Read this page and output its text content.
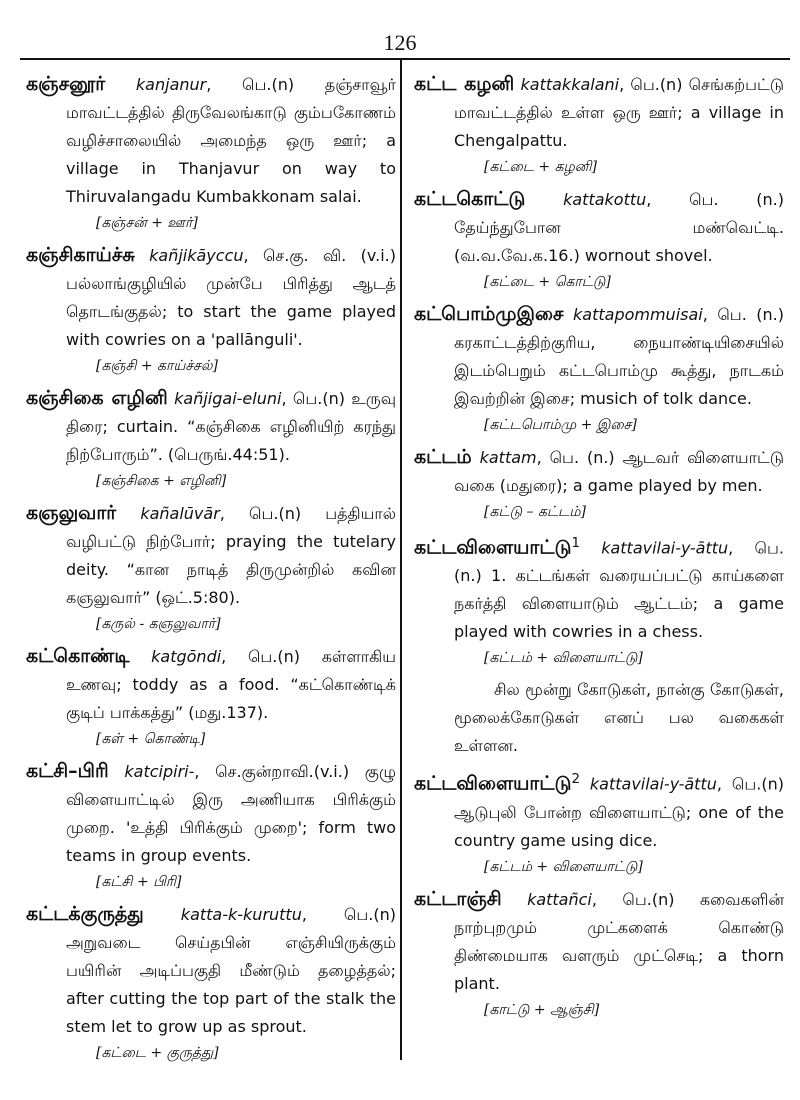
126

கஞ்சனூர் kanjanur, பெ.(n) தஞ்சாவூர் மாவட்டத்தில் திருவேலங்காடு கும்பகோணம் வழிச்சாலையில் அமைந்த ஒரு ஊர்; a village in Thanjavur on way to Thiruvalangadu Kumbakkonam salai.

[கஞ்சன் + ஊர்]

கஞ்சிகாய்ச்சு kañjikāyccu, செ.கு. வி. (v.i.) பல்லாங்குழியில் முன்பே பிரித்து ஆடத் தொடங்குதல்; to start the game played with cowries on a 'pallānguli'.

[கஞ்சி + காய்ச்சல்]

கஞ்சிகை எழினி kañjigai-eluni, பெ.(n) உருவு திரை; curtain. “கஞ்சிகை எழினியிற் கரந்து நிற்போரும்”. (பெருங்.44:51).

[கஞ்சிகை + எழினி]

கஞலுவார் kañalūvār, பெ.(n) பத்தியால் வழிபட்டு நிற்போர்; praying the tutelary deity. “கான நாடித் திருமுன்றில் கவின கஞலுவார்” (ஒட்.5:80).

[கருல் - கஞலுவார்]

கட்கொண்டி katgōndi, பெ.(n) கள்ளாகிய உணவு; toddy as a food. “கட்கொண்டிக் குடிப் பாக்கத்து” (மது.137).

[கள் + கொண்டி]

கட்சி–பிரி katcipiri-, செ.குன்றாவி.(v.i.) குழு விளையாட்டில் இரு அணியாக பிரிக்கும் முறை. 'உத்தி பிரிக்கும் முறை'; form two teams in group events.

[கட்சி + பிரி]

கட்டக்குருத்து katta-k-kuruttu, பெ.(n) அறுவடை செய்தபின் எஞ்சியிருக்கும் பயிரின் அடிப்பகுதி மீண்டும் தழைத்தல்; after cutting the top part of the stalk the stem let to grow up as sprout.

[கட்டை + குருத்து]

கட்ட கழனி kattakkalani, பெ.(n) செங்கற்பட்டு மாவட்டத்தில் உள்ள ஒரு ஊர்; a village in Chengalpattu.

[கட்டை + கழனி]

கட்டகொட்டு kattakottu, பெ. (n.) தேய்ந்துபோன மண்வெட்டி. (வ.வ.வே.க.16.) wornout shovel.

[கட்டை + கொட்டு]

கட்பொம்முஇசை kattapommuisai, பெ. (n.) கரகாட்டத்திற்குரிய, நையாண்டியிசையில் இடம்பெறும் கட்டபொம்மு கூத்து, நாடகம் இவற்றின் இசை; musich of tolk dance.

[கட்டபொம்மு + இசை]

கட்டம் kattam, பெ. (n.) ஆடவர் விளையாட்டு வகை (மதுரை); a game played by men.

[கட்டு – கட்டம்]

கட்டவிளையாட்டு$^1$ kattavilai-y-āttu, பெ. (n.) 1. கட்டங்கள் வரையப்பட்டு காய்களை நகர்த்தி விளையாடும் ஆட்டம்; a game played with cowries in a chess.

[கட்டம் + விளையாட்டு]

சில மூன்று கோடுகள், நான்கு கோடுகள், மூலைக்கோடுகள் எனப் பல வகைகள் உள்ளன.

கட்டவிளையாட்டு$^2$ kattavilai-y-āttu, பெ.(n) ஆடுபுலி போன்ற விளையாட்டு; one of the country game using dice.

[கட்டம் + விளையாட்டு]

கட்டாஞ்சி kattañci, பெ.(n) கவைகளின் நாற்புறமும் முட்களைக் கொண்டு திண்மையாக வளரும் முட்செடி; a thorn plant.

[காட்டு + ஆஞ்சி]
